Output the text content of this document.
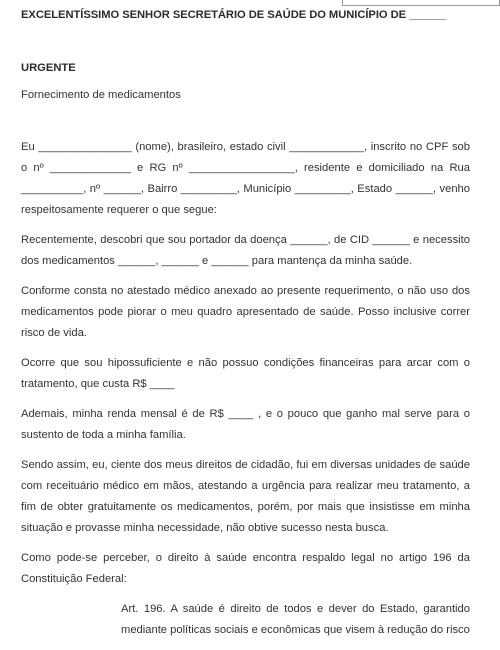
EXCELENTÍSSIMO SENHOR SECRETÁRIO DE SAÚDE DO MUNICÍPIO DE ______
URGENTE
Fornecimento de medicamentos

Eu _______________ (nome), brasileiro, estado civil ____________, inscrito no CPF sob o nº _____________ e RG nº _________________, residente e domiciliado na Rua __________, nº ______, Bairro _________, Município _________, Estado ______, venho respeitosamente requerer o que segue:

Recentemente, descobri que sou portador da doença ______, de CID ______ e necessito dos medicamentos ______, ______ e ______ para mantença da minha saúde.

Conforme consta no atestado médico anexado ao presente requerimento, o não uso dos medicamentos pode piorar o meu quadro apresentado de saúde. Posso inclusive correr risco de vida.

Ocorre que sou hipossuficiente e não possuo condições financeiras para arcar com o tratamento, que custa R$ ____

Ademais, minha renda mensal é de R$ ____ , e o pouco que ganho mal serve para o sustento de toda a minha família.

Sendo assim, eu, ciente dos meus direitos de cidadão, fui em diversas unidades de saúde com receituário médico em mãos, atestando a urgência para realizar meu tratamento, a fim de obter gratuitamente os medicamentos, porém, por mais que insistisse em minha situação e provasse minha necessidade, não obtive sucesso nesta busca.

Como pode-se perceber, o direito à saúde encontra respaldo legal no artigo 196 da Constituição Federal:

Art. 196. A saúde é direito de todos e dever do Estado, garantido mediante políticas sociais e econômicas que visem à redução do risco
